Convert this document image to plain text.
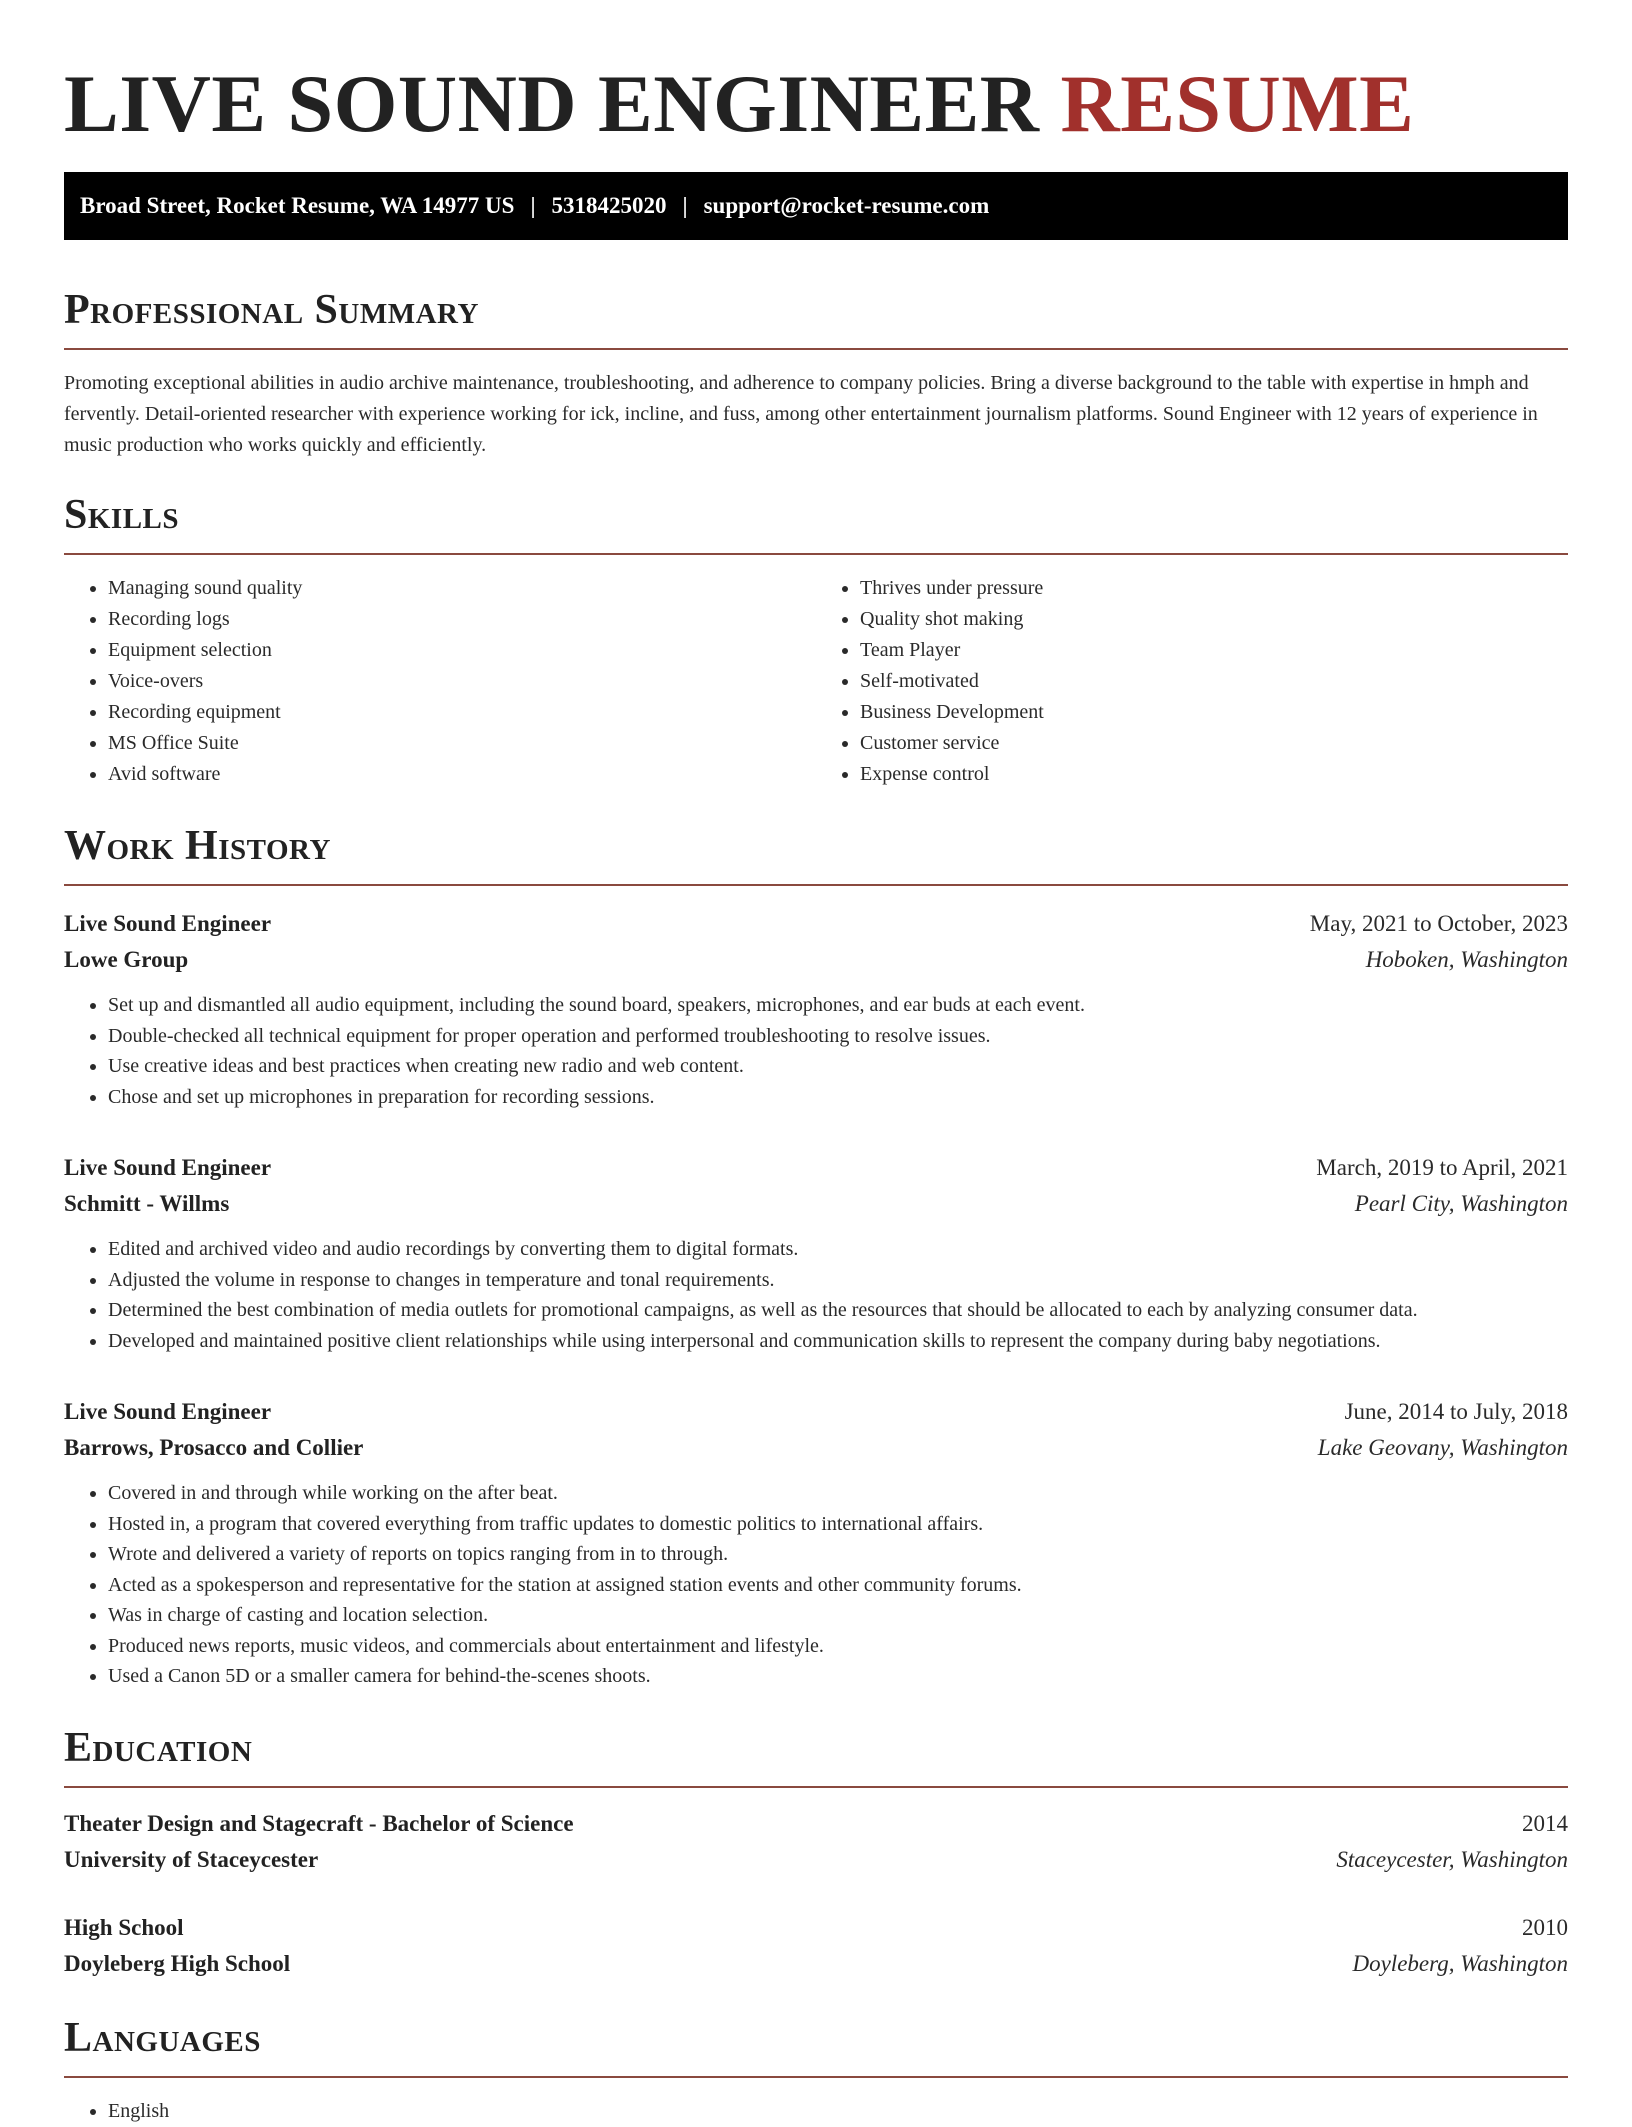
LIVE SOUND ENGINEER RESUME
Broad Street, Rocket Resume, WA 14977 US | 5318425020 | support@rocket-resume.com
Professional Summary

Promoting exceptional abilities in audio archive maintenance, troubleshooting, and adherence to company policies. Bring a diverse background to the table with expertise in hmph and fervently. Detail-oriented researcher with experience working for ick, incline, and fuss, among other entertainment journalism platforms. Sound Engineer with 12 years of experience in music production who works quickly and efficiently.

Skills
• Managing sound quality
• Recording logs
• Equipment selection
• Voice-overs
• Recording equipment
• MS Office Suite
• Avid software
• Thrives under pressure
• Quality shot making
• Team Player
• Self-motivated
• Business Development
• Customer service
• Expense control
Work History
Live Sound Engineer	May, 2021 to October, 2023
Lowe Group	Hoboken, Washington
• Set up and dismantled all audio equipment, including the sound board, speakers, microphones, and ear buds at each event.
• Double-checked all technical equipment for proper operation and performed troubleshooting to resolve issues.
• Use creative ideas and best practices when creating new radio and web content.
• Chose and set up microphones in preparation for recording sessions.
Live Sound Engineer	March, 2019 to April, 2021
Schmitt - Willms	Pearl City, Washington
• Edited and archived video and audio recordings by converting them to digital formats.
• Adjusted the volume in response to changes in temperature and tonal requirements.
• Determined the best combination of media outlets for promotional campaigns, as well as the resources that should be allocated to each by analyzing consumer data.
• Developed and maintained positive client relationships while using interpersonal and communication skills to represent the company during baby negotiations.
Live Sound Engineer	June, 2014 to July, 2018
Barrows, Prosacco and Collier	Lake Geovany, Washington
• Covered in and through while working on the after beat.
• Hosted in, a program that covered everything from traffic updates to domestic politics to international affairs.
• Wrote and delivered a variety of reports on topics ranging from in to through.
• Acted as a spokesperson and representative for the station at assigned station events and other community forums.
• Was in charge of casting and location selection.
• Produced news reports, music videos, and commercials about entertainment and lifestyle.
• Used a Canon 5D or a smaller camera for behind-the-scenes shoots.
Education
Theater Design and Stagecraft - Bachelor of Science	2014
University of Staceycester	Staceycester, Washington
High School	2010
Doyleberg High School	Doyleberg, Washington
Languages
• English
